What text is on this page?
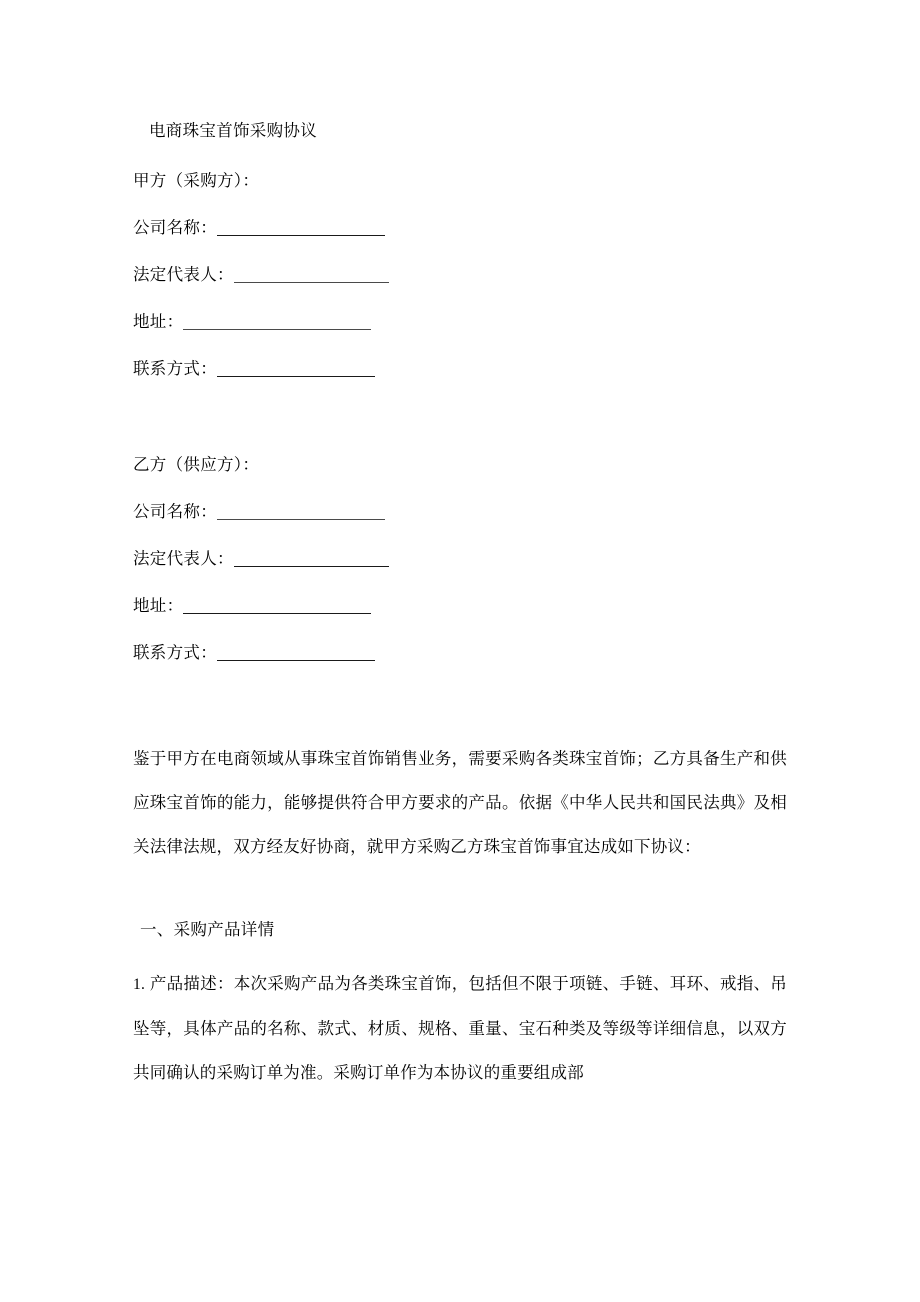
电商珠宝首饰采购协议
甲方（采购方）：
公司名称：
法定代表人：
地址：
联系方式：
乙方（供应方）：
公司名称：
法定代表人：
地址：
联系方式：

鉴于甲方在电商领域从事珠宝首饰销售业务，需要采购各类珠宝首饰；乙方具备生产和供应珠宝首饰的能力，能够提供符合甲方要求的产品。依据《中华人民共和国民法典》及相关法律法规，双方经友好协商，就甲方采购乙方珠宝首饰事宜达成如下协议：

一、采购产品详情

1. 产品描述：本次采购产品为各类珠宝首饰，包括但不限于项链、手链、耳环、戒指、吊坠等，具体产品的名称、款式、材质、规格、重量、宝石种类及等级等详细信息，以双方共同确认的采购订单为准。采购订单作为本协议的重要组成部
